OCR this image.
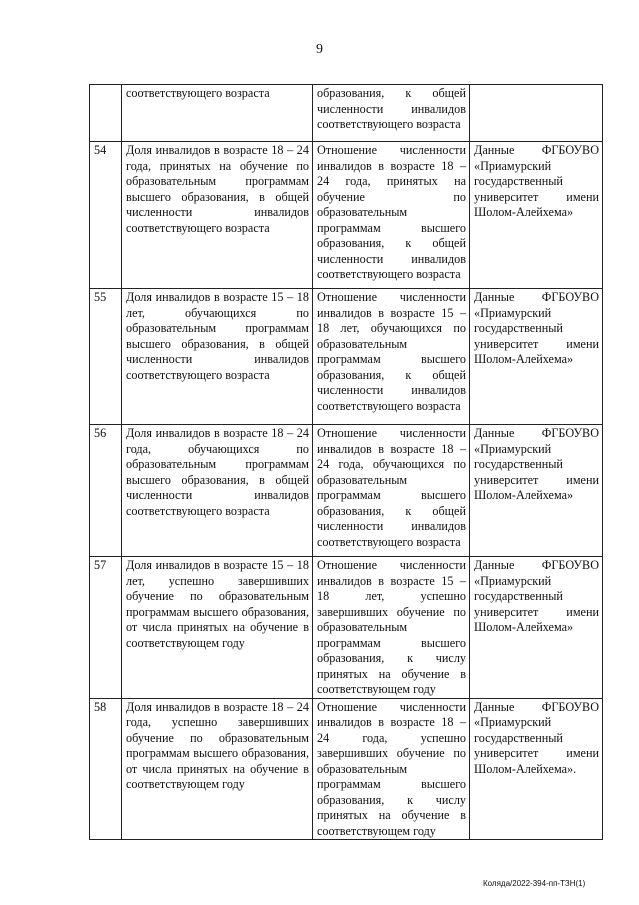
9
	соответствующего возраста	образования, к общей численности инвалидов соответствующего возраста	
54	Доля инвалидов в возрасте 18 – 24 года, принятых на обучение по образовательным программам высшего образования, в общей численности инвалидов соответствующего возраста	Отношение численности инвалидов в возрасте 18 – 24 года, принятых на обучение по образовательным программам высшего образования, к общей численности инвалидов соответствующего возраста	Данные ФГБОУВО «Приамурский государственный университет имени Шолом-Алейхема»
55	Доля инвалидов в возрасте 15 – 18 лет, обучающихся по образовательным программам высшего образования, в общей численности инвалидов соответствующего возраста	Отношение численности инвалидов в возрасте 15 – 18 лет, обучающихся по образовательным программам высшего образования, к общей численности инвалидов соответствующего возраста	Данные ФГБОУВО «Приамурский государственный университет имени Шолом-Алейхема»
56	Доля инвалидов в возрасте 18 – 24 года, обучающихся по образовательным программам высшего образования, в общей численности инвалидов соответствующего возраста	Отношение численности инвалидов в возрасте 18 – 24 года, обучающихся по образовательным программам высшего образования, к общей численности инвалидов соответствующего возраста	Данные ФГБОУВО «Приамурский государственный университет имени Шолом-Алейхема»
57	Доля инвалидов в возрасте 15 – 18 лет, успешно завершивших обучение по образовательным программам высшего образования, от числа принятых на обучение в соответствующем году	Отношение численности инвалидов в возрасте 15 – 18 лет, успешно завершивших обучение по образовательным программам высшего образования, к числу принятых на обучение в соответствующем году	Данные ФГБОУВО «Приамурский государственный университет имени Шолом-Алейхема»
58	Доля инвалидов в возрасте 18 – 24 года, успешно завершивших обучение по образовательным программам высшего образования, от числа принятых на обучение в соответствующем году	Отношение численности инвалидов в возрасте 18 – 24 года, успешно завершивших обучение по образовательным программам высшего образования, к числу принятых на обучение в соответствующем году	Данные ФГБОУВО «Приамурский государственный университет имени Шолом-Алейхема».
Коляда/2022-394-пп-ТЗН(1)
